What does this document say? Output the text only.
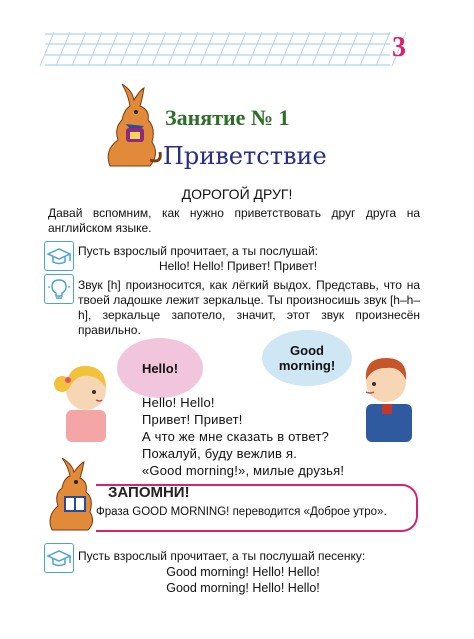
3
Занятие № 1
Приветствие
ДОРОГОЙ ДРУГ!
Давай вспомним, как нужно приветствовать друг друга на английском языке.
Пусть взрослый прочитает, а ты послушай:
Hello! Hello! Привет! Привет!
Звук [h] произносится, как лёгкий выдох. Представь, что на твоей ладошке лежит зеркальце. Ты произносишь звук [h–h–h], зеркальце запотело, значит, этот звук произнесён правильно.
Hello!
Good morning!
Hello! Hello!
Привет! Привет!
А что же мне сказать в ответ?
Пожалуй, буду вежлив я.
«Good morning!», милые друзья!
ЗАПОМНИ!
Фраза GOOD MORNING! переводится «Доброе утро».
Пусть взрослый прочитает, а ты послушай песенку:
Good morning! Hello! Hello!
Good morning! Hello! Hello!
